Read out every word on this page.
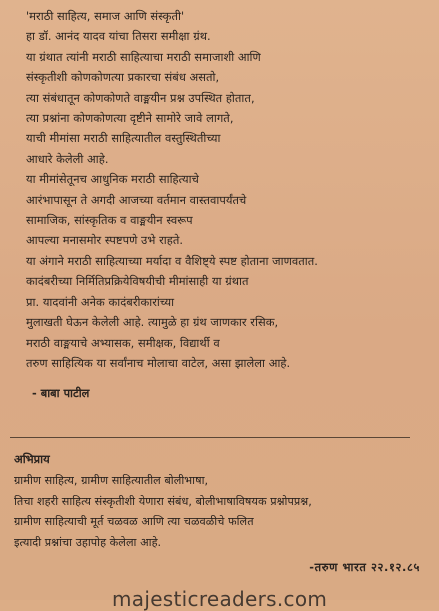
'मराठी साहित्य, समाज आणि संस्कृती'
हा डॉ. आनंद यादव यांचा तिसरा समीक्षा ग्रंथ.
या ग्रंथात त्यांनी मराठी साहित्याचा मराठी समाजाशी आणि
संस्कृतीशी कोणकोणत्या प्रकारचा संबंध असतो,
त्या संबंधातून कोणकोणते वाङ्मयीन प्रश्न उपस्थित होतात,
त्या प्रश्नांना कोणकोणत्या दृष्टीने सामोरे जावे लागते,
याची मीमांसा मराठी साहित्यातील वस्तुस्थितीच्या
आधारे केलेली आहे.
या मीमांसेतूनच आधुनिक मराठी साहित्याचे
आरंभापासून ते अगदी आजच्या वर्तमान वास्तवापर्यंतचे
सामाजिक, सांस्कृतिक व वाङ्मयीन स्वरूप
आपल्या मनासमोर स्पष्टपणे उभे राहते.
या अंगाने मराठी साहित्याच्या मर्यादा व वैशिष्ट्ये स्पष्ट होताना जाणवतात.
कादंबरीच्या निर्मितिप्रक्रियेविषयीची मीमांसाही या ग्रंथात
प्रा. यादवांनी अनेक कादंबरीकारांच्या
मुलाखती घेऊन केलेली आहे. त्यामुळे हा ग्रंथ जाणकार रसिक,
मराठी वाङ्मयाचे अभ्यासक, समीक्षक, विद्यार्थी व
तरुण साहित्यिक या सर्वांनाच मोलाचा वाटेल, असा झालेला आहे.
- बाबा पाटील
अभिप्राय
ग्रामीण साहित्य, ग्रामीण साहित्यातील बोलीभाषा,
तिचा शहरी साहित्य संस्कृतीशी येणारा संबंध, बोलीभाषाविषयक प्रश्नोपप्रश्न,
ग्रामीण साहित्याची मूर्त चळवळ आणि त्या चळवळीचे फलित
इत्यादी प्रश्नांचा उहापोह केलेला आहे.
-तरुण भारत २२.१२.८५
majesticreaders.com
